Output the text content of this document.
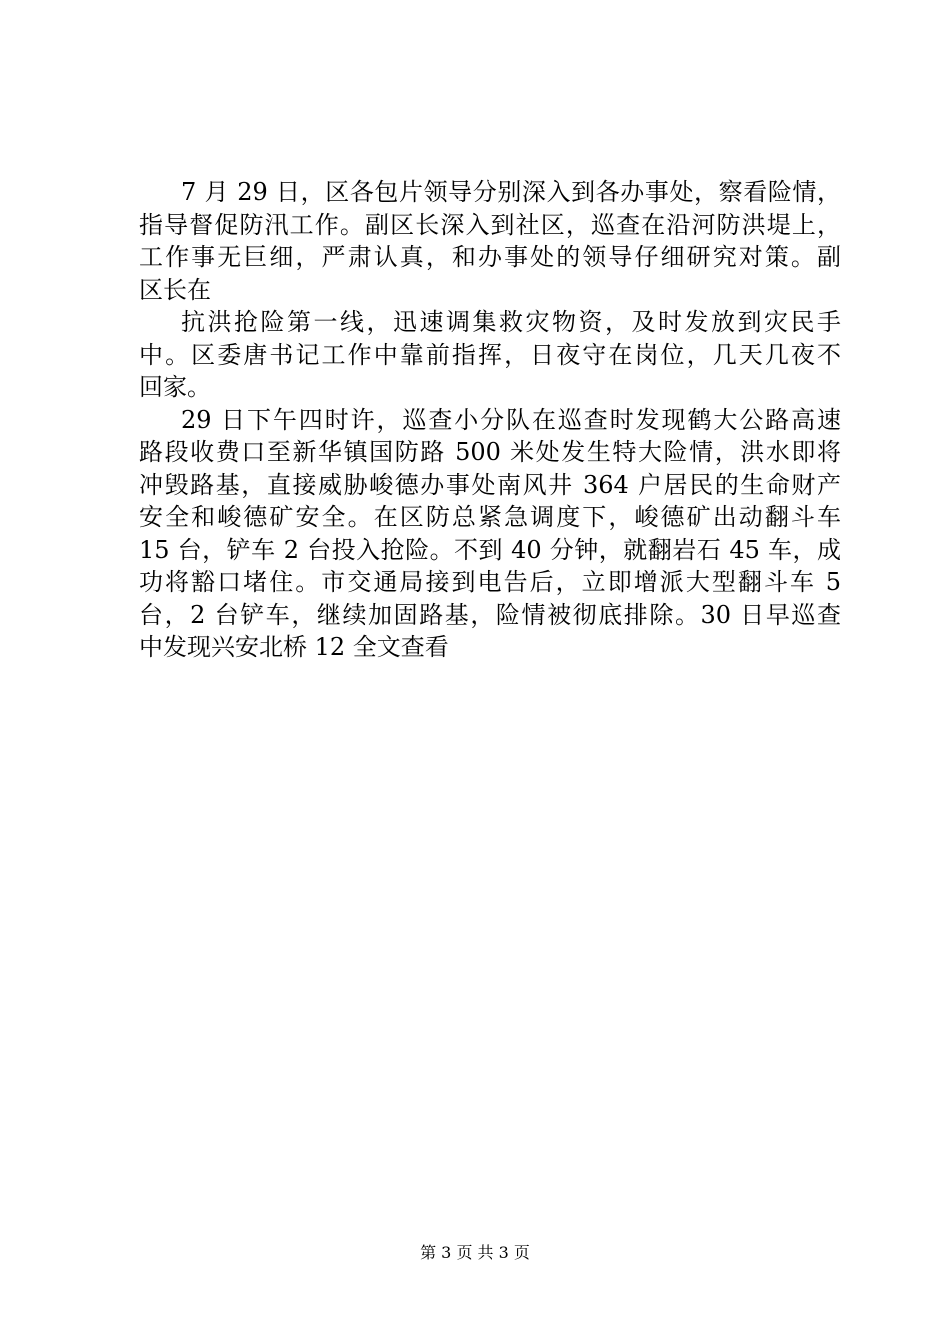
7 月 29 日，区各包片领导分别深入到各办事处，察看险情，
指导督促防汛工作。副区长深入到社区，巡查在沿河防洪堤上，
工作事无巨细，严肃认真，和办事处的领导仔细研究对策。副
区长在
抗洪抢险第一线，迅速调集救灾物资，及时发放到灾民手
中。区委唐书记工作中靠前指挥，日夜守在岗位，几天几夜不
回家。
29 日下午四时许，巡查小分队在巡查时发现鹤大公路高速
路段收费口至新华镇国防路 500 米处发生特大险情，洪水即将
冲毁路基，直接威胁峻德办事处南风井 364 户居民的生命财产
安全和峻德矿安全。在区防总紧急调度下，峻德矿出动翻斗车
15 台，铲车 2 台投入抢险。不到 40 分钟，就翻岩石 45 车，成
功将豁口堵住。市交通局接到电告后，立即增派大型翻斗车 5
台，2 台铲车，继续加固路基，险情被彻底排除。30 日早巡查
中发现兴安北桥 12 全文查看
第 3 页 共 3 页
